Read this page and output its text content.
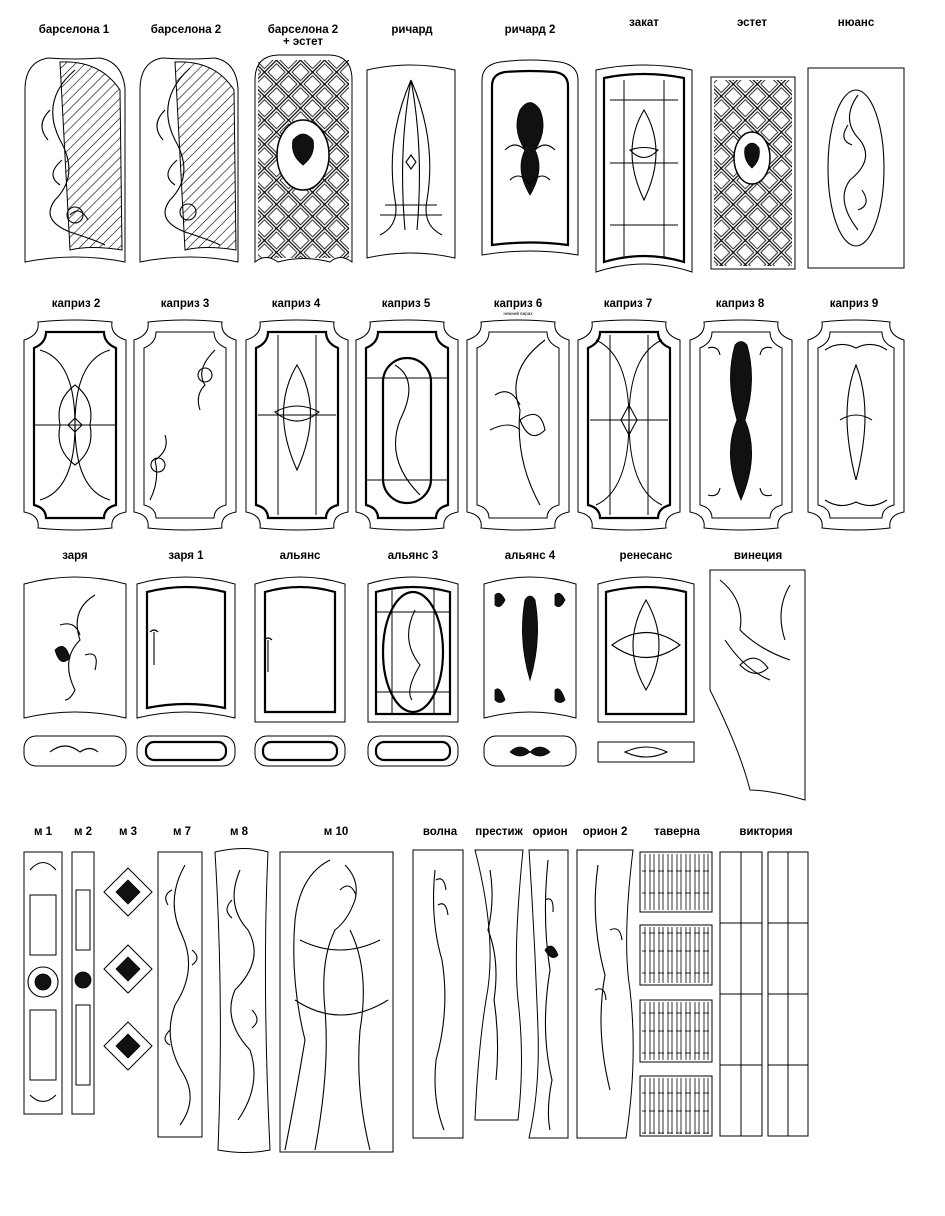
барселона 1	барселона 2	барселона 2
+ эстет
ричард	ричард 2
закат	эстет	нюанс
каприз 2	каприз 3	каприз 4	каприз 5	каприз 6
нижний вирах
каприз 7	каприз 8	каприз 9
заря	заря 1	альянс	альянс 3	альянс 4	ренесанс	винеция
м 1 м 2 м 3	м 7	м 8	м 10	волна престиж орион орион 2 таверна	виктория
